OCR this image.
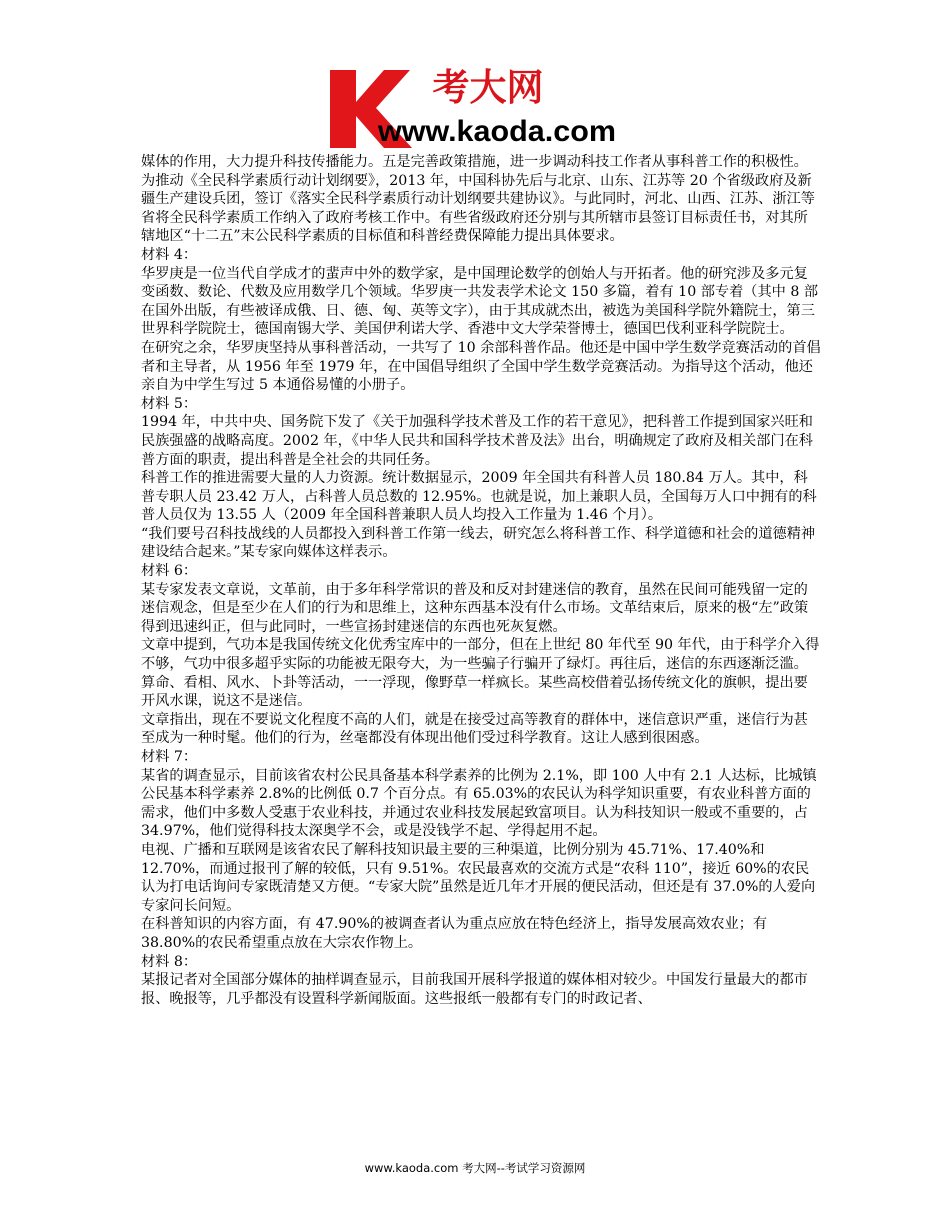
考大网
www.kaoda.com

媒体的作用，大力提升科技传播能力。五是完善政策措施，进一步调动科技工作者从事科普工作的积极性。

为推动《全民科学素质行动计划纲要》，2013 年，中国科协先后与北京、山东、江苏等 20 个省级政府及新疆生产建设兵团，签订《落实全民科学素质行动计划纲要共建协议》。与此同时，河北、山西、江苏、浙江等省将全民科学素质工作纳入了政府考核工作中。有些省级政府还分别与其所辖市县签订目标责任书，对其所辖地区“十二五”末公民科学素质的目标值和科普经费保障能力提出具体要求。

材料 4：

华罗庚是一位当代自学成才的蜚声中外的数学家，是中国理论数学的创始人与开拓者。他的研究涉及多元复变函数、数论、代数及应用数学几个领域。华罗庚一共发表学术论文 150 多篇，着有 10 部专着（其中 8 部在国外出版，有些被译成俄、日、德、匈、英等文字），由于其成就杰出，被选为美国科学院外籍院士，第三世界科学院院士，德国南锡大学、美国伊利诺大学、香港中文大学荣誉博士，德国巴伐利亚科学院院士。

在研究之余，华罗庚坚持从事科普活动，一共写了 10 余部科普作品。他还是中国中学生数学竞赛活动的首倡者和主导者，从 1956 年至 1979 年，在中国倡导组织了全国中学生数学竞赛活动。为指导这个活动，他还亲自为中学生写过 5 本通俗易懂的小册子。

材料 5：

1994 年，中共中央、国务院下发了《关于加强科学技术普及工作的若干意见》，把科普工作提到国家兴旺和民族强盛的战略高度。2002 年，《中华人民共和国科学技术普及法》出台，明确规定了政府及相关部门在科普方面的职责，提出科普是全社会的共同任务。

科普工作的推进需要大量的人力资源。统计数据显示，2009 年全国共有科普人员 180.84 万人。其中，科普专职人员 23.42 万人，占科普人员总数的 12.95%。也就是说，加上兼职人员，全国每万人口中拥有的科普人员仅为 13.55 人（2009 年全国科普兼职人员人均投入工作量为 1.46 个月）。

“我们要号召科技战线的人员都投入到科普工作第一线去，研究怎么将科普工作、科学道德和社会的道德精神建设结合起来。”某专家向媒体这样表示。

材料 6：

某专家发表文章说，文革前，由于多年科学常识的普及和反对封建迷信的教育，虽然在民间可能残留一定的迷信观念，但是至少在人们的行为和思维上，这种东西基本没有什么市场。文革结束后，原来的极“左”政策得到迅速纠正，但与此同时，一些宣扬封建迷信的东西也死灰复燃。

文章中提到，气功本是我国传统文化优秀宝库中的一部分，但在上世纪 80 年代至 90 年代，由于科学介入得不够，气功中很多超乎实际的功能被无限夸大，为一些骗子行骗开了绿灯。再往后，迷信的东西逐渐泛滥。算命、看相、风水、卜卦等活动，一一浮现，像野草一样疯长。某些高校借着弘扬传统文化的旗帜，提出要开风水课，说这不是迷信。

文章指出，现在不要说文化程度不高的人们，就是在接受过高等教育的群体中，迷信意识严重，迷信行为甚至成为一种时髦。他们的行为，丝毫都没有体现出他们受过科学教育。这让人感到很困惑。

材料 7：

某省的调查显示，目前该省农村公民具备基本科学素养的比例为 2.1%，即 100 人中有 2.1 人达标，比城镇公民基本科学素养 2.8%的比例低 0.7 个百分点。有 65.03%的农民认为科学知识重要，有农业科普方面的需求，他们中多数人受惠于农业科技，并通过农业科技发展起致富项目。认为科技知识一般或不重要的，占 34.97%，他们觉得科技太深奥学不会，或是没钱学不起、学得起用不起。

电视、广播和互联网是该省农民了解科技知识最主要的三种渠道，比例分别为 45.71%、17.40%和 12.70%，而通过报刊了解的较低，只有 9.51%。农民最喜欢的交流方式是“农科 110”，接近 60%的农民认为打电话询问专家既清楚又方便。“专家大院”虽然是近几年才开展的便民活动，但还是有 37.0%的人爱向专家问长问短。

在科普知识的内容方面，有 47.90%的被调查者认为重点应放在特色经济上，指导发展高效农业；有 38.80%的农民希望重点放在大宗农作物上。

材料 8：

某报记者对全国部分媒体的抽样调查显示，目前我国开展科学报道的媒体相对较少。中国发行量最大的都市报、晚报等，几乎都没有设置科学新闻版面。这些报纸一般都有专门的时政记者、

www.kaoda.com 考大网--考试学习资源网
